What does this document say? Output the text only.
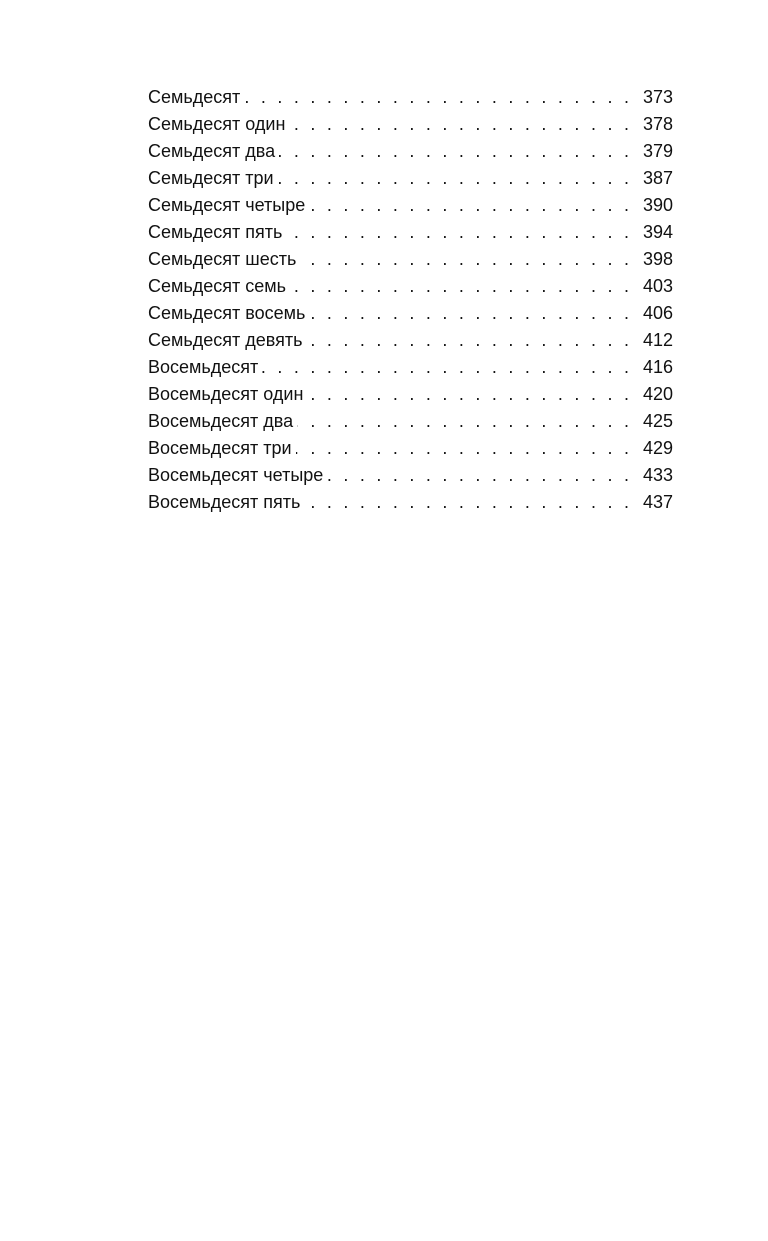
Семьдесят . . .	373
Семьдесят один . . .	378
Семьдесят два . . .	379
Семьдесят три . . .	387
Семьдесят четыре . . .	390
Семьдесят пять . . .	394
Семьдесят шесть . . .	398
Семьдесят семь . . .	403
Семьдесят восемь . . .	406
Семьдесят девять . . .	412
Восемьдесят . . .	416
Восемьдесят один . . .	420
Восемьдесят два . . .	425
Восемьдесят три . . .	429
Восемьдесят четыре . . .	433
Восемьдесят пять . . .	437
